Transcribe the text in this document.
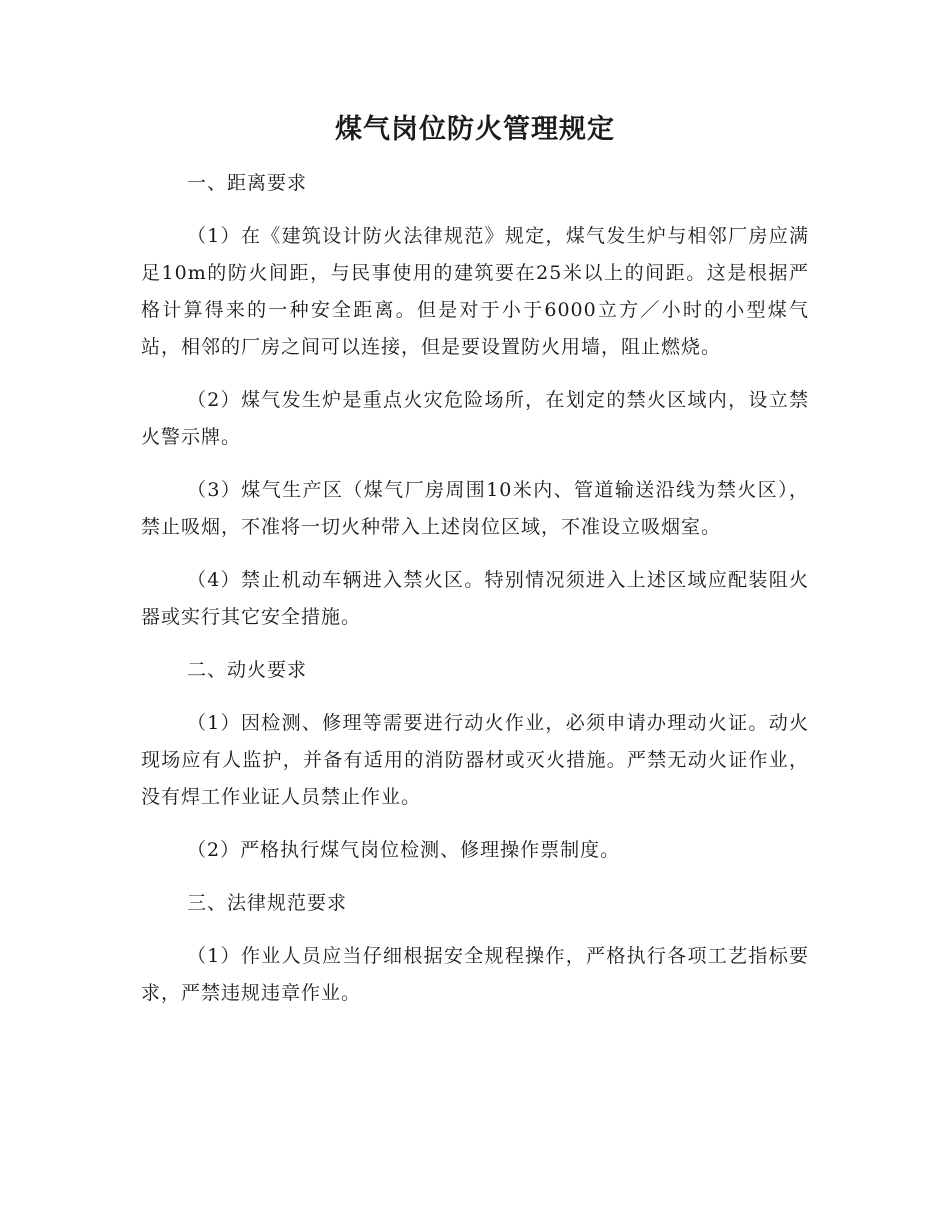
煤气岗位防火管理规定

一、距离要求

（1）在《建筑设计防火法律规范》规定，煤气发生炉与相邻厂房应满足10m的防火间距，与民事使用的建筑要在25米以上的间距。这是根据严格计算得来的一种安全距离。但是对于小于6000立方／小时的小型煤气站，相邻的厂房之间可以连接，但是要设置防火用墙，阻止燃烧。

（2）煤气发生炉是重点火灾危险场所，在划定的禁火区域内，设立禁火警示牌。

（3）煤气生产区（煤气厂房周围10米内、管道输送沿线为禁火区），禁止吸烟，不准将一切火种带入上述岗位区域，不准设立吸烟室。

（4）禁止机动车辆进入禁火区。特别情况须进入上述区域应配装阻火器或实行其它安全措施。

二、动火要求

（1）因检测、修理等需要进行动火作业，必须申请办理动火证。动火现场应有人监护，并备有适用的消防器材或灭火措施。严禁无动火证作业，没有焊工作业证人员禁止作业。

（2）严格执行煤气岗位检测、修理操作票制度。

三、法律规范要求

（1）作业人员应当仔细根据安全规程操作，严格执行各项工艺指标要求，严禁违规违章作业。
